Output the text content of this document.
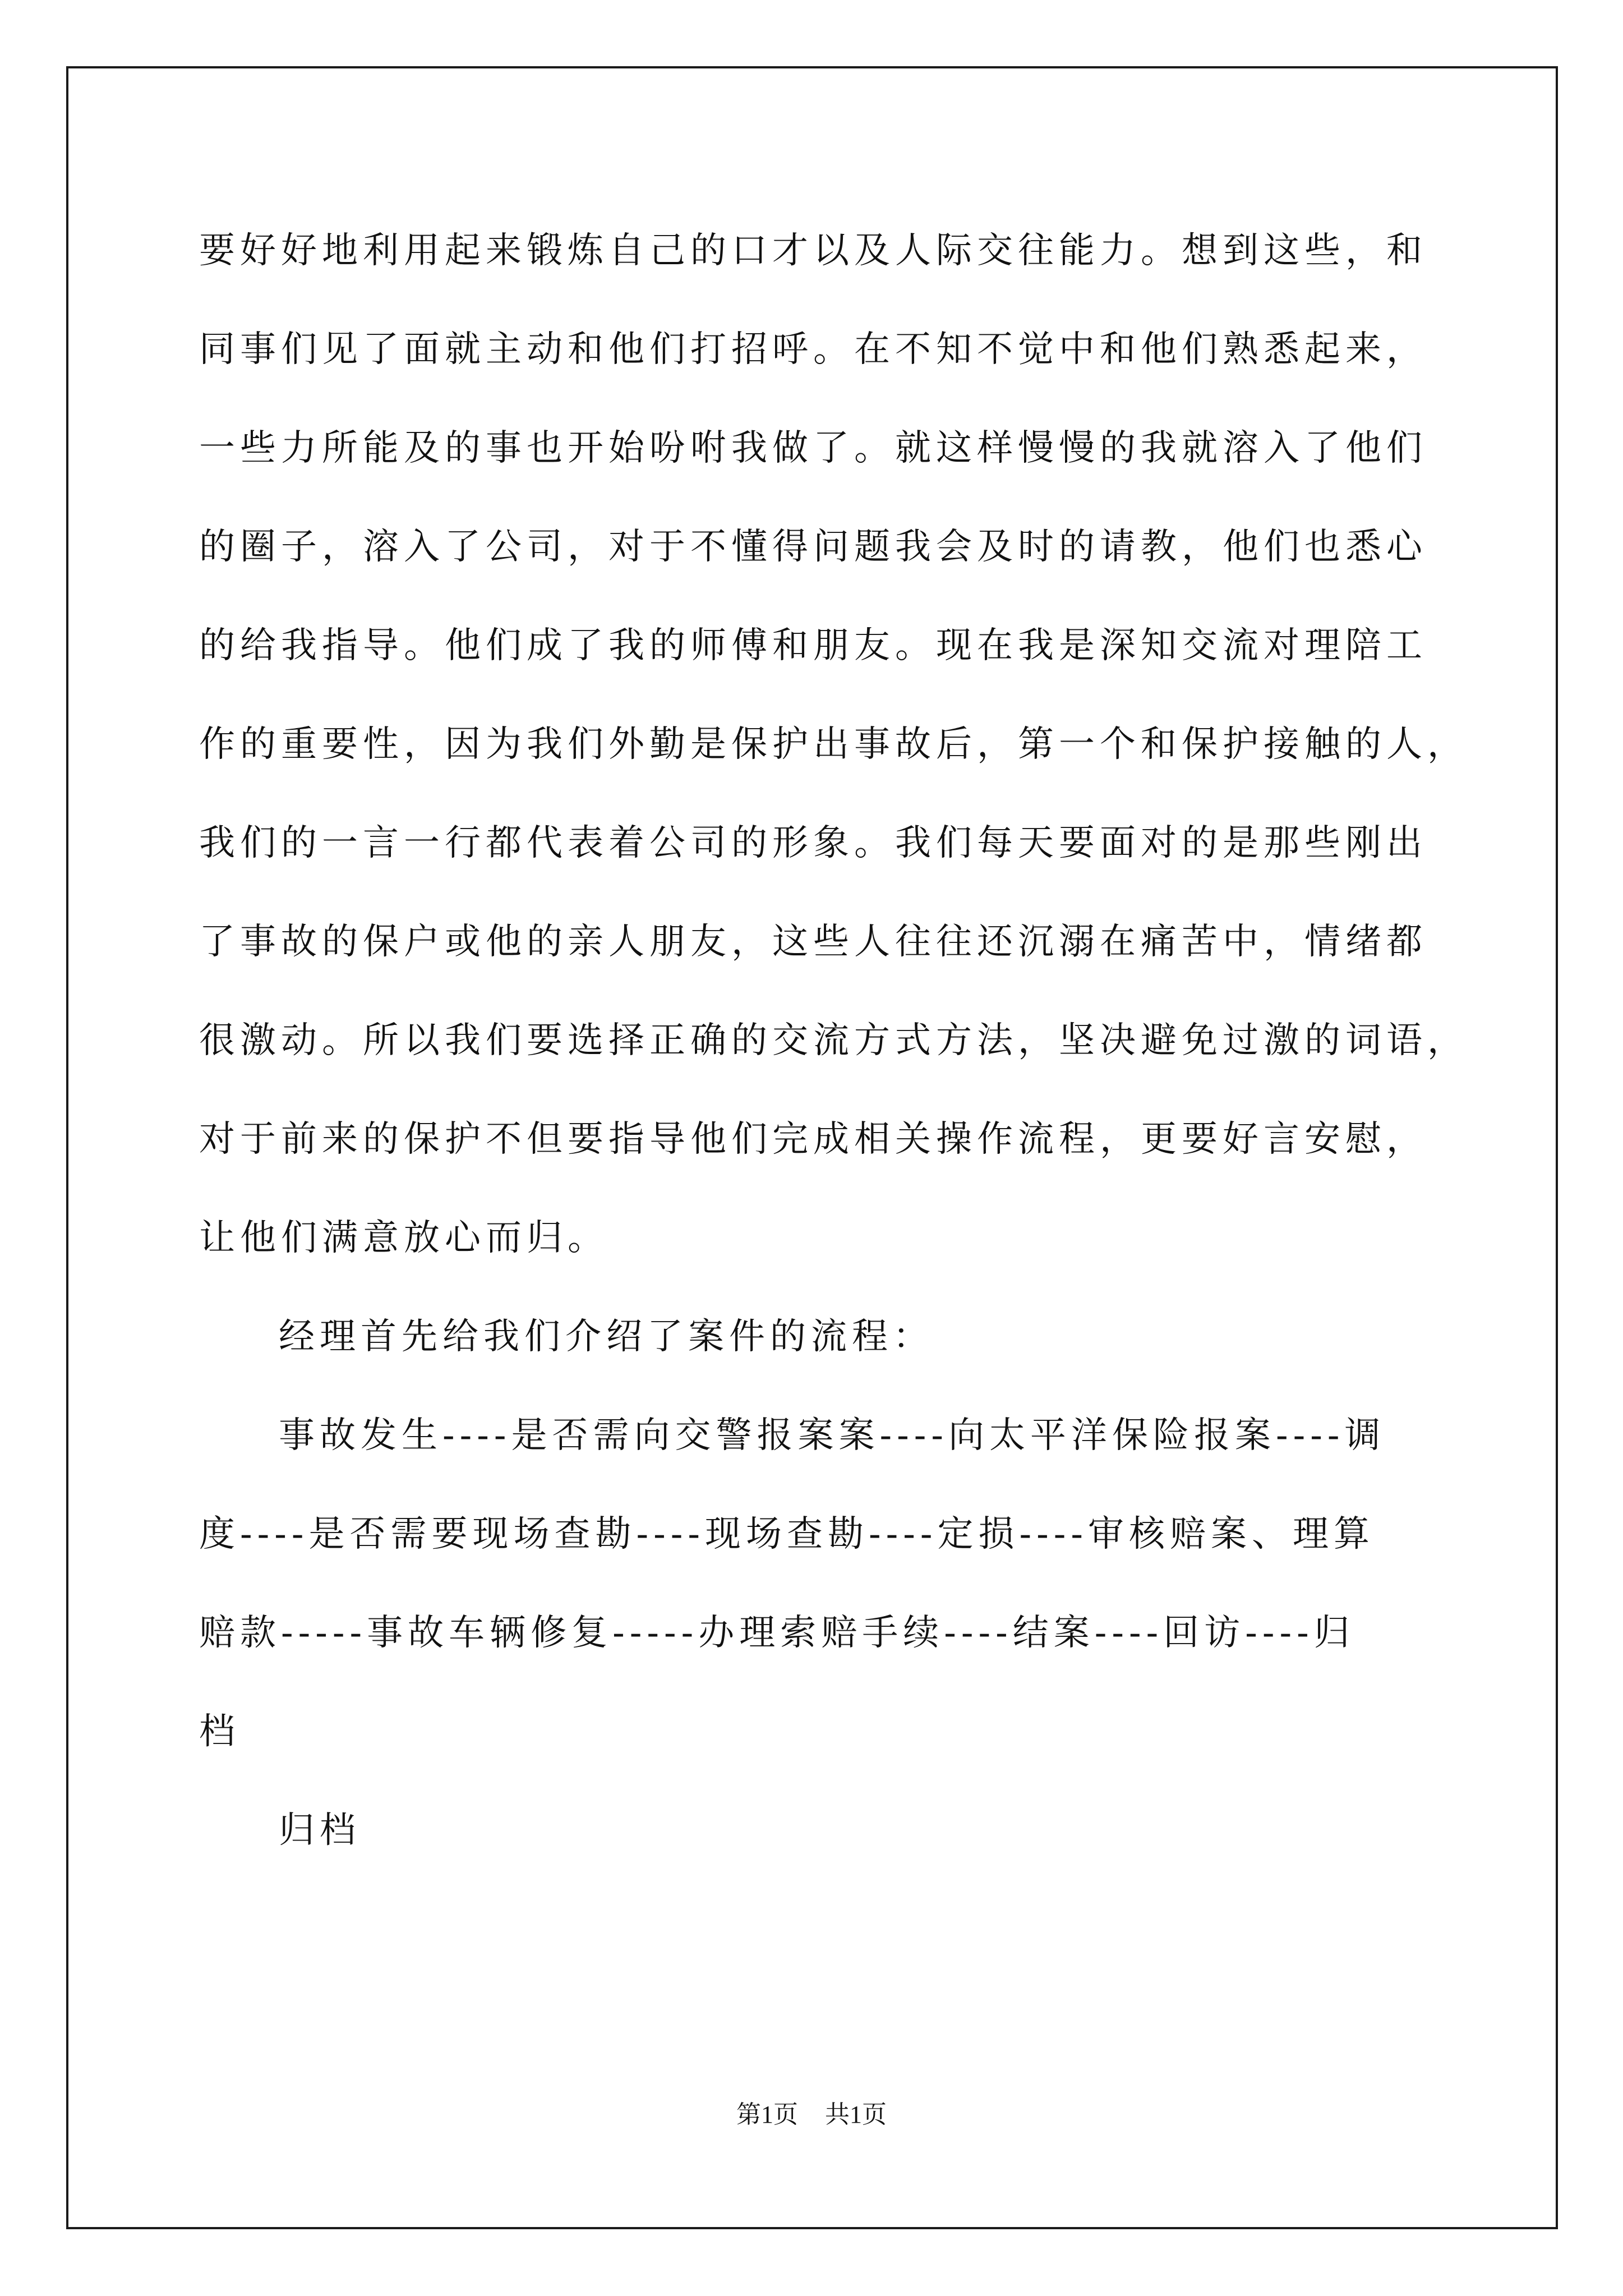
要好好地利用起来锻炼自己的口才以及人际交往能力。想到这些，和
同事们见了面就主动和他们打招呼。在不知不觉中和他们熟悉起来，
一些力所能及的事也开始吩咐我做了。就这样慢慢的我就溶入了他们
的圈子，溶入了公司，对于不懂得问题我会及时的请教，他们也悉心
的给我指导。他们成了我的师傅和朋友。现在我是深知交流对理陪工
作的重要性，因为我们外勤是保护出事故后，第一个和保护接触的人，
我们的一言一行都代表着公司的形象。我们每天要面对的是那些刚出
了事故的保户或他的亲人朋友，这些人往往还沉溺在痛苦中，情绪都
很激动。所以我们要选择正确的交流方式方法，坚决避免过激的词语，
对于前来的保护不但要指导他们完成相关操作流程，更要好言安慰，
让他们满意放心而归。
经理首先给我们介绍了案件的流程：
事故发生----是否需向交警报案案----向太平洋保险报案----调
度----是否需要现场查勘----现场查勘----定损----审核赔案、理算
赔款-----事故车辆修复-----办理索赔手续----结案----回访----归
档
归档
第1页 共1页
